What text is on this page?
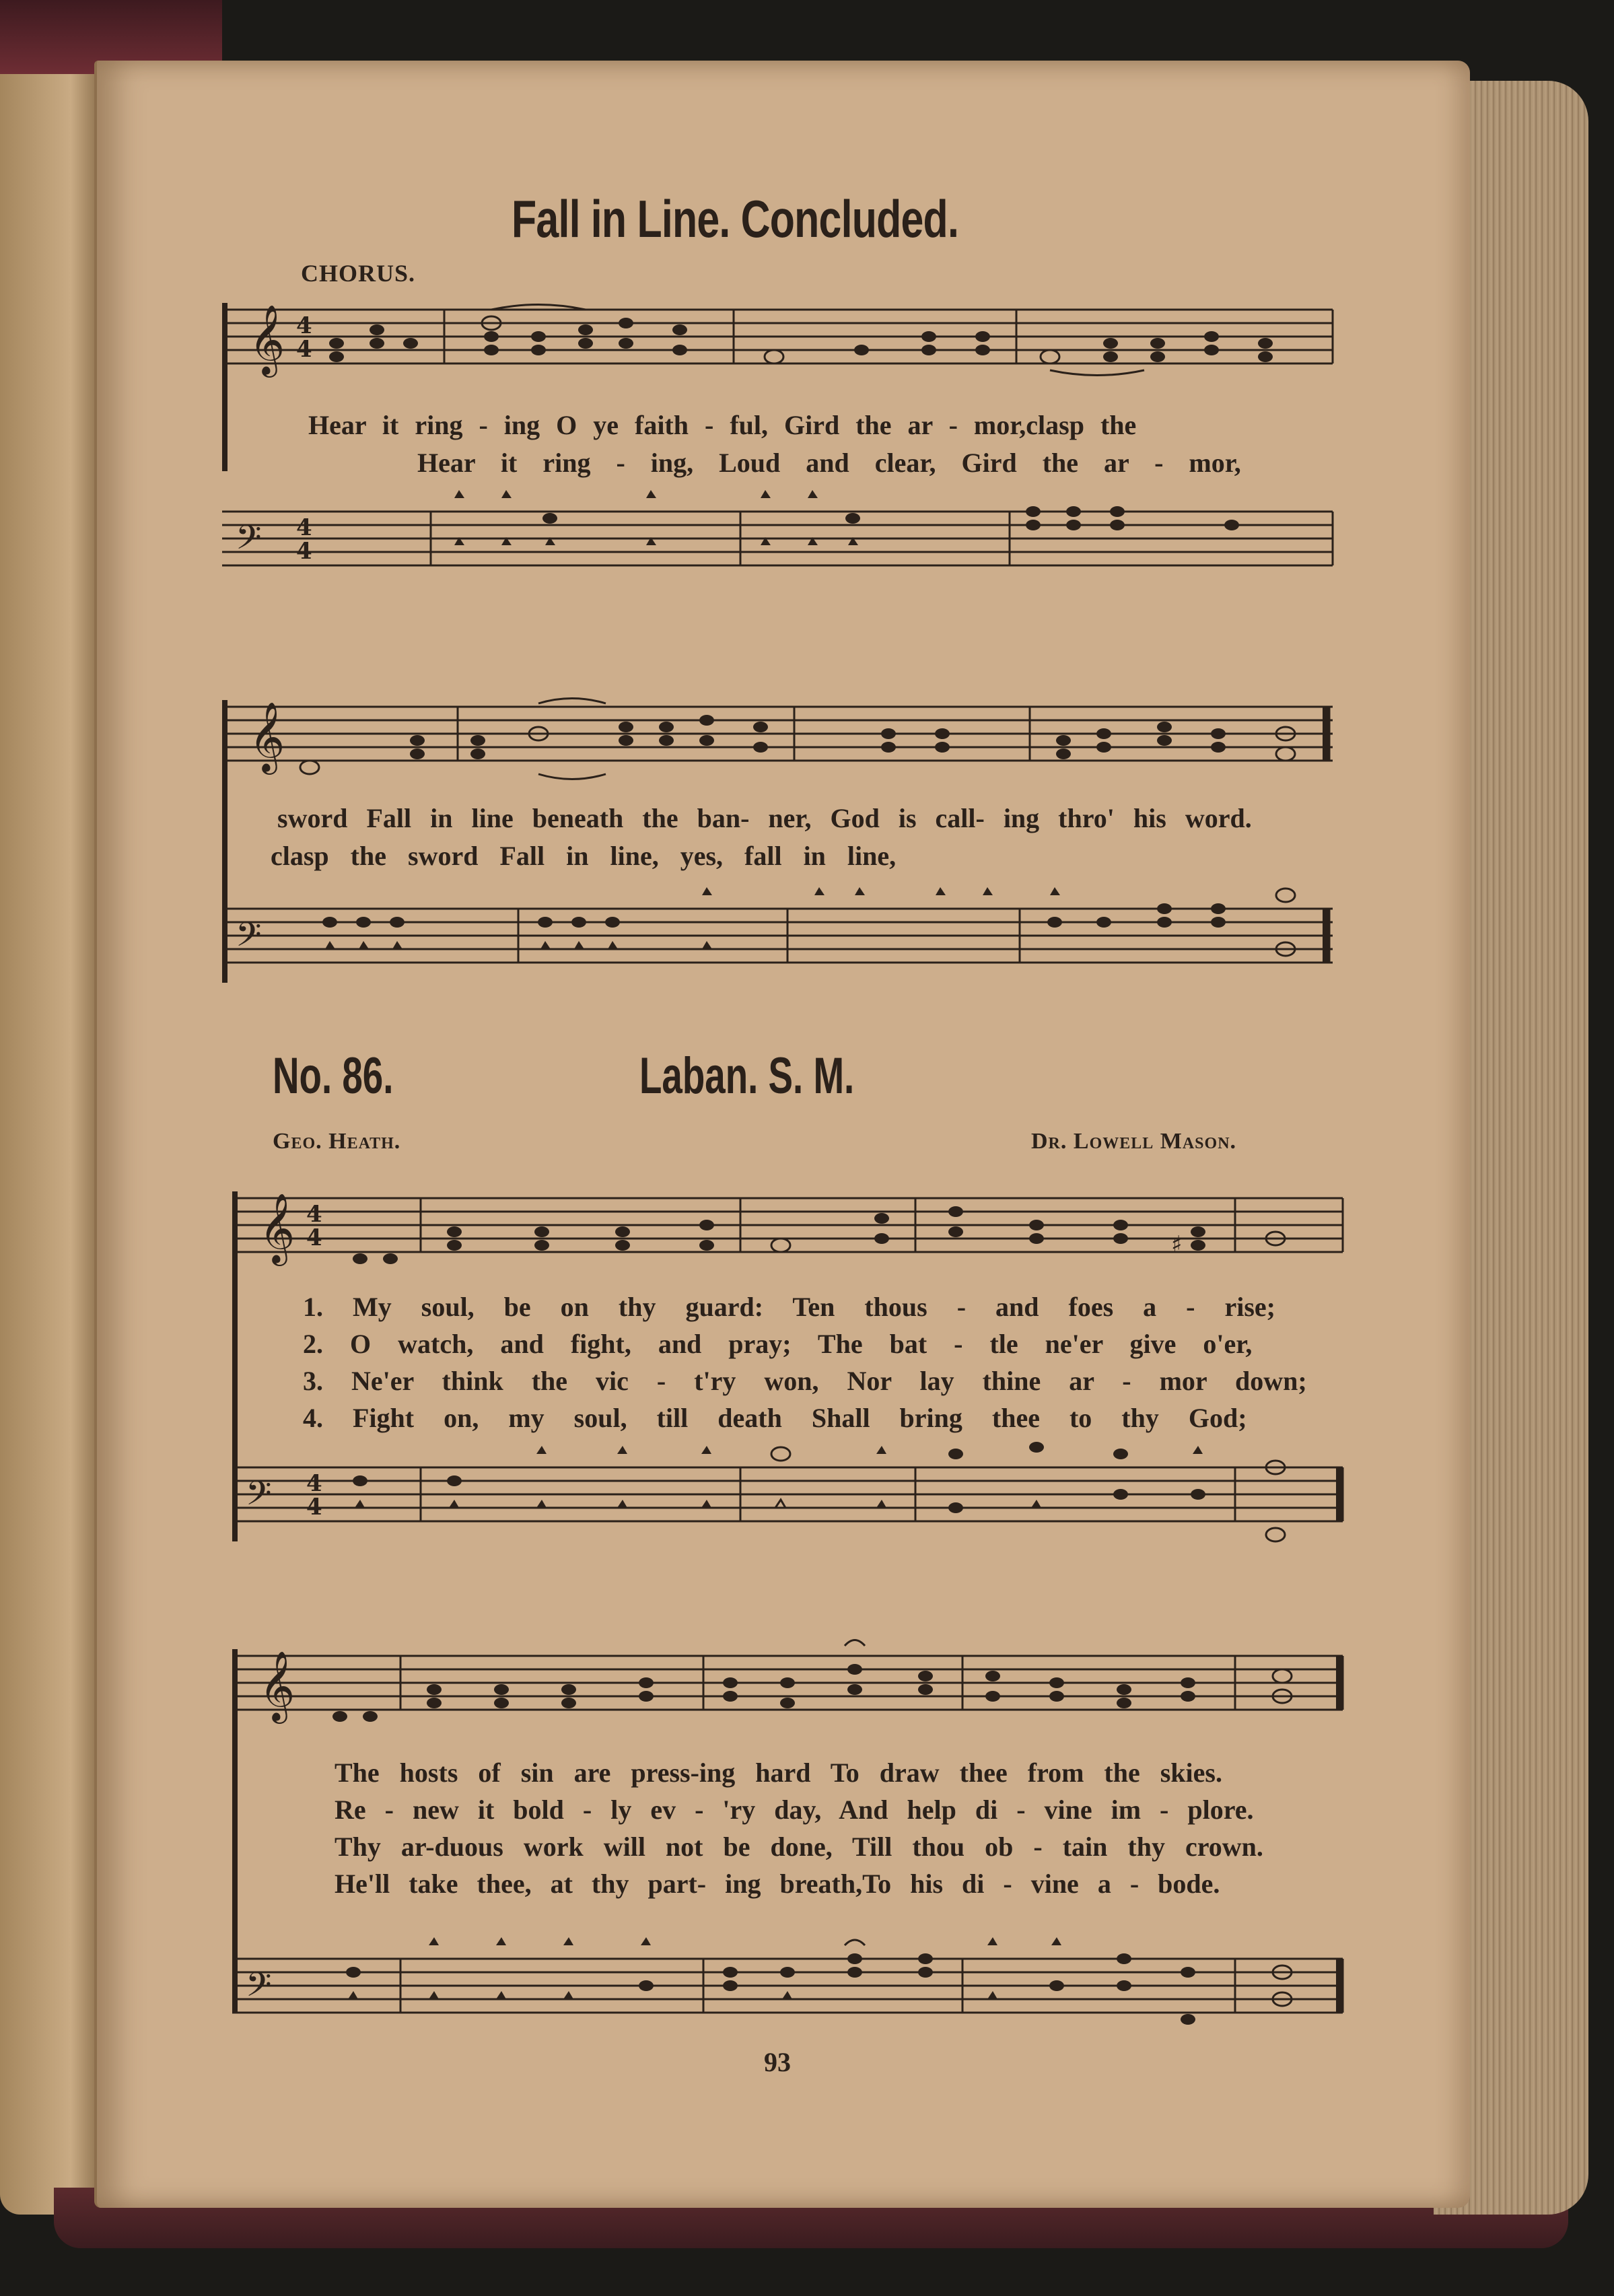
Fall in Line. Concluded.
CHORUS.
𝄞 4
4
Hear it ring - ing O ye faith - ful, Gird the ar - mor,clasp the
Hear it ring - ing, Loud and clear, Gird the ar - mor,
𝄢 4
4
𝄞
sword Fall in line beneath the ban- ner, God is call- ing thro' his word.
clasp the sword Fall in line, yes, fall in line,
𝄢
No. 86.	Laban. S. M.
Geo. Heath.	Dr. Lowell Mason.
𝄞 4
4	♯
1. My soul, be on thy guard: Ten thous - and foes a - rise;
2. O watch, and fight, and pray; The bat - tle ne'er give o'er,
3. Ne'er think the vic - t'ry won, Nor lay thine ar - mor down;
4. Fight on, my soul, till death Shall bring thee to thy God;
𝄢 4
4
𝄞
The hosts of sin are press-ing hard To draw thee from the skies.
Re - new it bold - ly ev - 'ry day, And help di - vine im - plore.
Thy ar-duous work will not be done, Till thou ob - tain thy crown.
He'll take thee, at thy part- ing breath,To his di - vine a - bode.
𝄢
93
